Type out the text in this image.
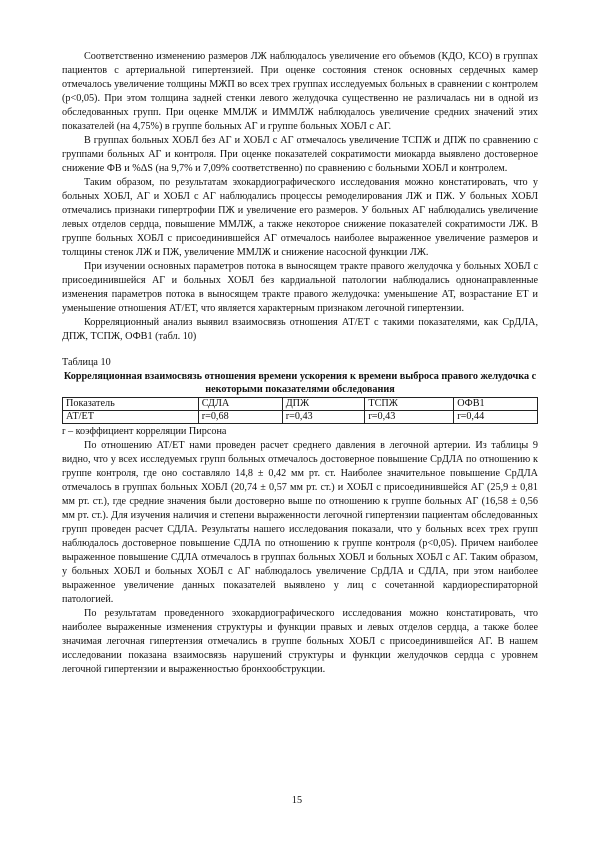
Соответственно изменению размеров ЛЖ наблюдалось увеличение его объемов (КДО, КСО) в группах пациентов с артериальной гипертензией. При оценке состояния стенок основных сердечных камер отмечалось увеличение толщины МЖП во всех трех группах исследуемых больных в сравнении с контролем (p<0,05). При этом толщина задней стенки левого желудочка существенно не различалась ни в одной из обследованных групп. При оценке ММЛЖ и ИММЛЖ наблюдалось увеличение средних значений этих показателей (на 4,75%) в группе больных АГ и группе больных ХОБЛ с АГ.

В группах больных ХОБЛ без АГ и ХОБЛ с АГ отмечалось увеличение ТСПЖ и ДПЖ по сравнению с группами больных АГ и контроля. При оценке показателей сократимости миокарда выявлено достоверное снижение ФВ и %ΔS (на 9,7% и 7,09% соответственно) по сравнению с больными ХОБЛ и контролем.

Таким образом, по результатам эхокардиографического исследования можно констатировать, что у больных ХОБЛ, АГ и ХОБЛ с АГ наблюдались процессы ремоделирования ЛЖ и ПЖ. У больных ХОБЛ отмечались признаки гипертрофии ПЖ и увеличение его размеров. У больных АГ наблюдались увеличение левых отделов сердца, повышение ММЛЖ, а также некоторое снижение показателей сократимости ЛЖ. В группе больных ХОБЛ с присоединившейся АГ отмечалось наиболее выраженное увеличение размеров и толщины стенок ЛЖ и ПЖ, увеличение ММЛЖ и снижение насосной функции ЛЖ.

При изучении основных параметров потока в выносящем тракте правого желудочка у больных ХОБЛ с присоединившейся АГ и больных ХОБЛ без кардиальной патологии наблюдались однонаправленные изменения параметров потока в выносящем тракте правого желудочка: уменьшение АТ, возрастание ЕТ и уменьшение отношения АТ/ЕТ, что является характерным признаком легочной гипертензии.

Корреляционный анализ выявил взаимосвязь отношения АТ/ЕТ с такими показателями, как СрДЛА, ДПЖ, ТСПЖ, ОФВ1 (табл. 10)

Таблица 10

Корреляционная взаимосвязь отношения времени ускорения к времени выброса правого желудочка с некоторыми показателями обследования

Показатель	СДЛА	ДПЖ	ТСПЖ	ОФВ1
АТ/ЕТ	r=0,68	r=0,43	r=0,43	r=0,44

r – коэффициент корреляции Пирсона

По отношению АТ/ЕТ нами проведен расчет среднего давления в легочной артерии. Из таблицы 9 видно, что у всех исследуемых групп больных отмечалось достоверное повышение СрДЛА по отношению к группе контроля, где оно составляло 14,8 ± 0,42 мм рт. ст. Наиболее значительное повышение СрДЛА отмечалось в группах больных ХОБЛ (20,74 ± 0,57 мм рт. ст.) и ХОБЛ с присоединившейся АГ (25,9 ± 0,81 мм рт. ст.), где средние значения были достоверно выше по отношению к группе больных АГ (16,58 ± 0,56 мм рт. ст.). Для изучения наличия и степени выраженности легочной гипертензии пациентам обследованных групп проведен расчет СДЛА. Результаты нашего исследования показали, что у больных всех трех групп наблюдалось достоверное повышение СДЛА по отношению к группе контроля (p<0,05). Причем наиболее выраженное повышение СДЛА отмечалось в группах больных ХОБЛ и больных ХОБЛ с АГ. Таким образом, у больных ХОБЛ и больных ХОБЛ с АГ наблюдалось увеличение СрДЛА и СДЛА, при этом наиболее выраженное увеличение данных показателей выявлено у лиц с сочетанной кардиореспираторной патологией.

По результатам проведенного эхокардиографического исследования можно констатировать, что наиболее выраженные изменения структуры и функции правых и левых отделов сердца, а также более значимая легочная гипертензия отмечались в группе больных ХОБЛ с присоединившейся АГ. В нашем исследовании показана взаимосвязь нарушений структуры и функции желудочков сердца с уровнем легочной гипертензии и выраженностью бронхообструкции.

15
